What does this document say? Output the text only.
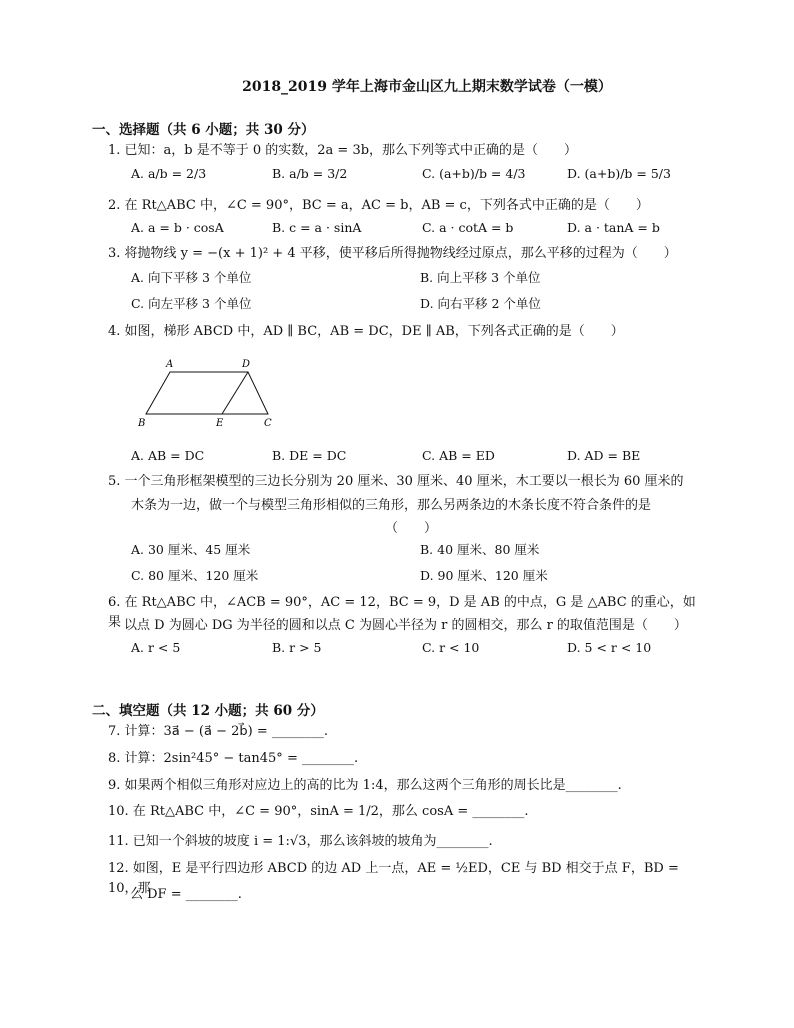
2018_2019 学年上海市金山区九上期末数学试卷（一模）
一、选择题（共 6 小题；共 30 分）
1. 已知：a，b 是不等于 0 的实数，2a = 3b，那么下列等式中正确的是（　　）
A. a/b = 2/3	B. a/b = 3/2	C. (a+b)/b = 4/3	D. (a+b)/b = 5/3
2. 在 Rt△ABC 中，∠C = 90°，BC = a，AC = b，AB = c，下列各式中正确的是（　　）
A. a = b · cosA	B. c = a · sinA	C. a · cotA = b	D. a · tanA = b
3. 将抛物线 y = −(x + 1)² + 4 平移，使平移后所得抛物线经过原点，那么平移的过程为（　　）
A. 向下平移 3 个单位	B. 向上平移 3 个单位
C. 向左平移 3 个单位	D. 向右平移 2 个单位
4. 如图，梯形 ABCD 中，AD ∥ BC，AB = DC，DE ∥ AB，下列各式正确的是（　　）
A	D
B	E	C
A. AB = DC	B. DE = DC	C. AB = ED	D. AD = BE
5. 一个三角形框架模型的三边长分别为 20 厘米、30 厘米、40 厘米，木工要以一根长为 60 厘米的
木条为一边，做一个与模型三角形相似的三角形，那么另两条边的木条长度不符合条件的是
（　　）
A. 30 厘米、45 厘米	B. 40 厘米、80 厘米
C. 80 厘米、120 厘米	D. 90 厘米、120 厘米
6. 在 Rt△ABC 中，∠ACB = 90°，AC = 12，BC = 9，D 是 AB 的中点，G 是 △ABC 的重心，如果 以点 D 为圆心 DG 为半径的圆和以点 C 为圆心半径为 r 的圆相交，那么 r 的取值范围是（　　）
A. r < 5	B. r > 5	C. r < 10	D. 5 < r < 10
二、填空题（共 12 小题；共 60 分）
7. 计算：3a⃗ − (a⃗ − 2b⃗) = ________.
8. 计算：2sin²45° − tan45° = ________.
9. 如果两个相似三角形对应边上的高的比为 1:4，那么这两个三角形的周长比是________.
10. 在 Rt△ABC 中，∠C = 90°，sinA = 1/2，那么 cosA = ________.
11. 已知一个斜坡的坡度 i = 1:√3，那么该斜坡的坡角为________.
12. 如图，E 是平行四边形 ABCD 的边 AD 上一点，AE = ½ED，CE 与 BD 相交于点 F，BD = 10，那
么 DF = ________.
